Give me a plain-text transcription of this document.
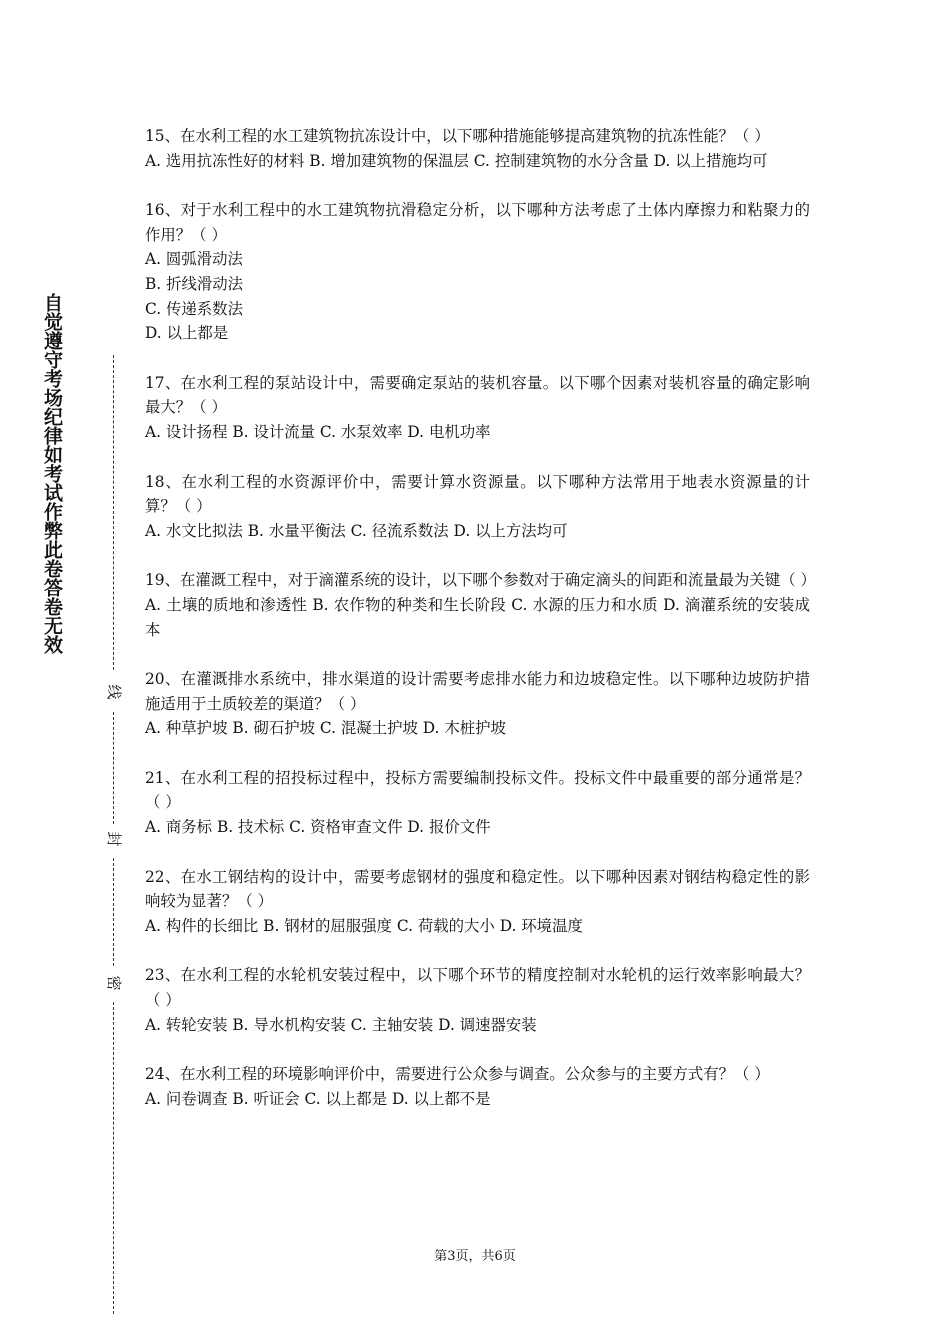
自觉遵守考场纪律如考试作弊此卷答卷无效
线
封
密

15、在水利工程的水工建筑物抗冻设计中，以下哪种措施能够提高建筑物的抗冻性能？（ ）

A. 选用抗冻性好的材料 B. 增加建筑物的保温层 C. 控制建筑物的水分含量 D. 以上措施均可

16、对于水利工程中的水工建筑物抗滑稳定分析，以下哪种方法考虑了土体内摩擦力和粘聚力的作用？（ ）

A. 圆弧滑动法

B. 折线滑动法

C. 传递系数法

D. 以上都是

17、在水利工程的泵站设计中，需要确定泵站的装机容量。以下哪个因素对装机容量的确定影响最大？（ ）

A. 设计扬程 B. 设计流量 C. 水泵效率 D. 电机功率

18、在水利工程的水资源评价中，需要计算水资源量。以下哪种方法常用于地表水资源量的计算？（ ）

A. 水文比拟法 B. 水量平衡法 C. 径流系数法 D. 以上方法均可

19、在灌溉工程中，对于滴灌系统的设计，以下哪个参数对于确定滴头的间距和流量最为关键（ ）

A. 土壤的质地和渗透性 B. 农作物的种类和生长阶段 C. 水源的压力和水质 D. 滴灌系统的安装成本

20、在灌溉排水系统中，排水渠道的设计需要考虑排水能力和边坡稳定性。以下哪种边坡防护措施适用于土质较差的渠道？（ ）

A. 种草护坡 B. 砌石护坡 C. 混凝土护坡 D. 木桩护坡

21、在水利工程的招投标过程中，投标方需要编制投标文件。投标文件中最重要的部分通常是？（ ）

A. 商务标 B. 技术标 C. 资格审查文件 D. 报价文件

22、在水工钢结构的设计中，需要考虑钢材的强度和稳定性。以下哪种因素对钢结构稳定性的影响较为显著？（ ）

A. 构件的长细比 B. 钢材的屈服强度 C. 荷载的大小 D. 环境温度

23、在水利工程的水轮机安装过程中，以下哪个环节的精度控制对水轮机的运行效率影响最大？（ ）

A. 转轮安装 B. 导水机构安装 C. 主轴安装 D. 调速器安装

24、在水利工程的环境影响评价中，需要进行公众参与调查。公众参与的主要方式有？（ ）

A. 问卷调查 B. 听证会 C. 以上都是 D. 以上都不是

第3页，共6页
